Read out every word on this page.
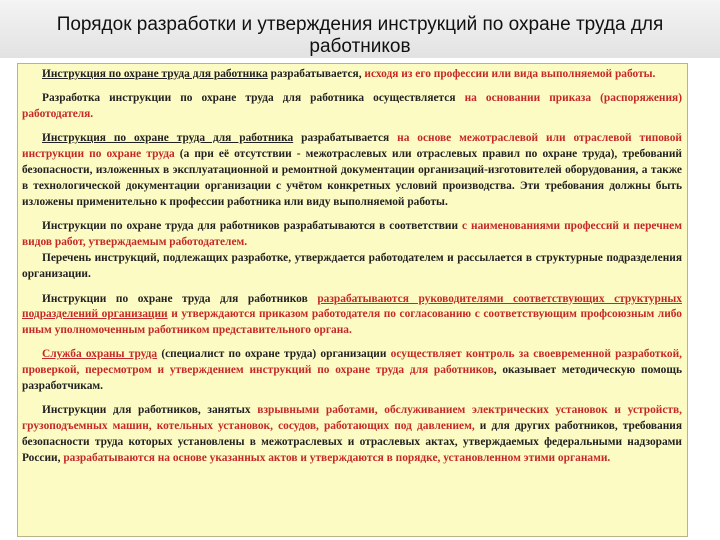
Порядок разработки и утверждения инструкций по охране труда для работников

Инструкция по охране труда для работника разрабатывается, исходя из его профессии или вида выполняемой работы.

Разработка инструкции по охране труда для работника осуществляется на основании приказа (распоряжения) работодателя.

Инструкция по охране труда для работника разрабатывается на основе межотраслевой или отраслевой типовой инструкции по охране труда (а при её отсутствии - межотраслевых или отраслевых правил по охране труда), требований безопасности, изложенных в эксплуатационной и ремонтной документации организаций-изготовителей оборудования, а также в технологической документации организации с учётом конкретных условий производства. Эти требования должны быть изложены применительно к профессии работника или виду выполняемой работы.

Инструкции по охране труда для работников разрабатываются в соответствии с наименованиями профессий и перечнем видов работ, утверждаемым работодателем.

Перечень инструкций, подлежащих разработке, утверждается работодателем и рассылается в структурные подразделения организации.

Инструкции по охране труда для работников разрабатываются руководителями соответствующих структурных подразделений организации и утверждаются приказом работодателя по согласованию с соответствующим профсоюзным либо иным уполномоченным работником представительного органа.

Служба охраны труда (специалист по охране труда) организации осуществляет контроль за своевременной разработкой, проверкой, пересмотром и утверждением инструкций по охране труда для работников, оказывает методическую помощь разработчикам.

Инструкции для работников, занятых взрывными работами, обслуживанием электрических установок и устройств, грузоподъемных машин, котельных установок, сосудов, работающих под давлением, и для других работников, требования безопасности труда которых установлены в межотраслевых и отраслевых актах, утверждаемых федеральными надзорами России, разрабатываются на основе указанных актов и утверждаются в порядке, установленном этими органами.
